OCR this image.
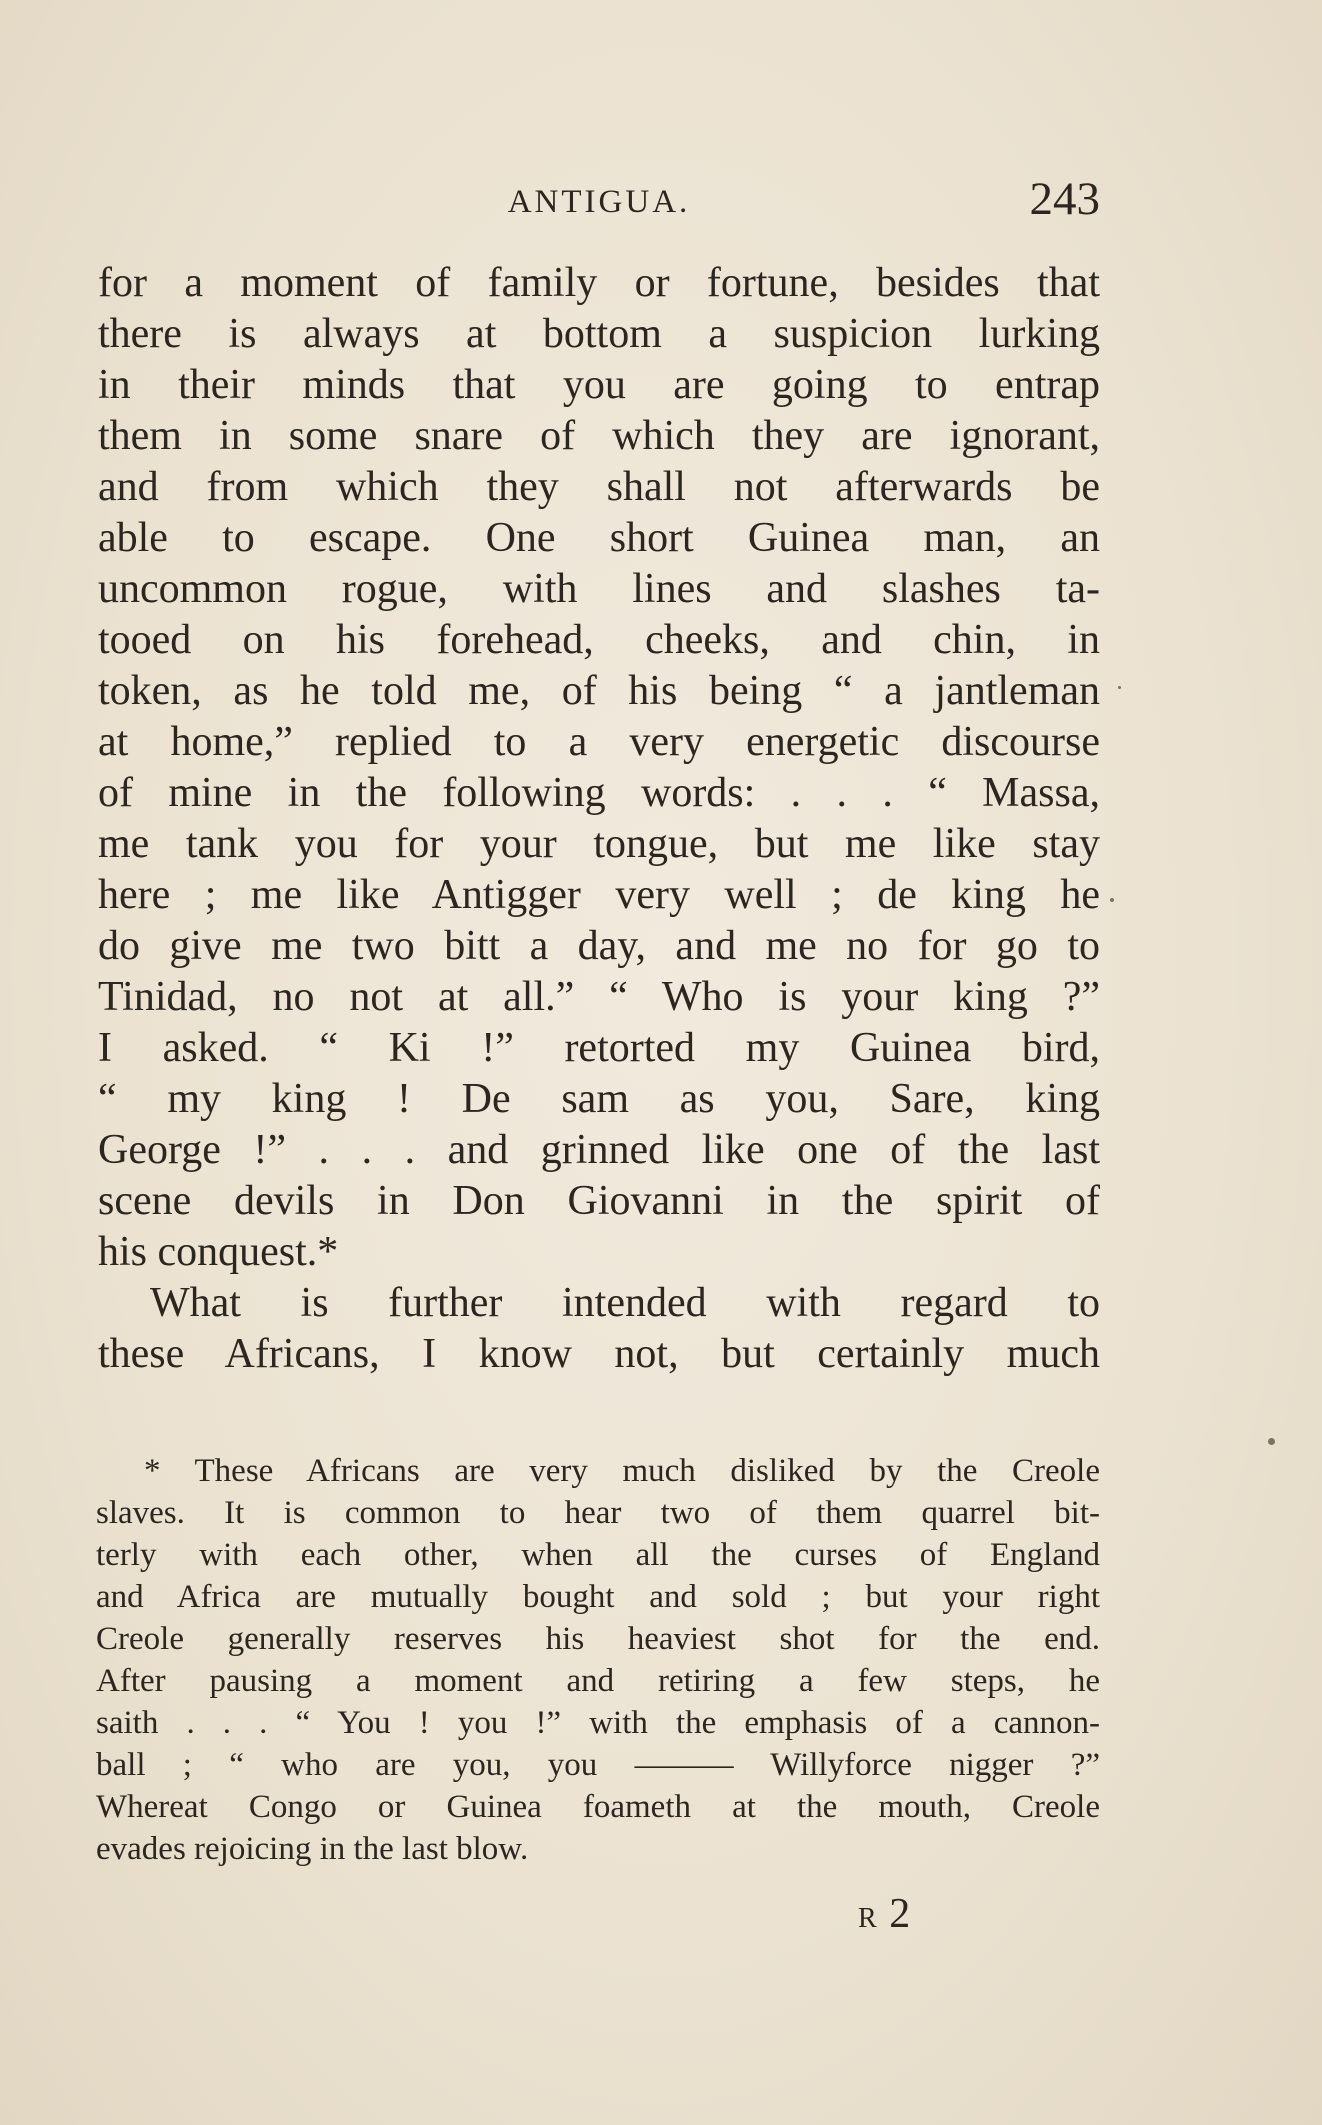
ANTIGUA.	243
for a moment of family or fortune, besides that
there is always at bottom a suspicion lurking
in their minds that you are going to entrap
them in some snare of which they are ignorant,
and from which they shall not afterwards be
able to escape. One short Guinea man, an
uncommon rogue, with lines and slashes ta-
tooed on his forehead, cheeks, and chin, in
token, as he told me, of his being “ a jantleman
at home,” replied to a very energetic discourse
of mine in the following words: . . . “ Massa,
me tank you for your tongue, but me like stay
here ; me like Antigger very well ; de king he
do give me two bitt a day, and me no for go to
Tinidad, no not at all.” “ Who is your king ?”
I asked. “ Ki !” retorted my Guinea bird,
“ my king ! De sam as you, Sare, king
George !” . . . and grinned like one of the last
scene devils in Don Giovanni in the spirit of
his conquest.*
What is further intended with regard to
these Africans, I know not, but certainly much
* These Africans are very much disliked by the Creole
slaves. It is common to hear two of them quarrel bit-
terly with each other, when all the curses of England
and Africa are mutually bought and sold ; but your right
Creole generally reserves his heaviest shot for the end.
After pausing a moment and retiring a few steps, he
saith . . . “ You ! you !” with the emphasis of a cannon-
ball ; “ who are you, you ——— Willyforce nigger ?”
Whereat Congo or Guinea foameth at the mouth, Creole
evades rejoicing in the last blow.
R 2
